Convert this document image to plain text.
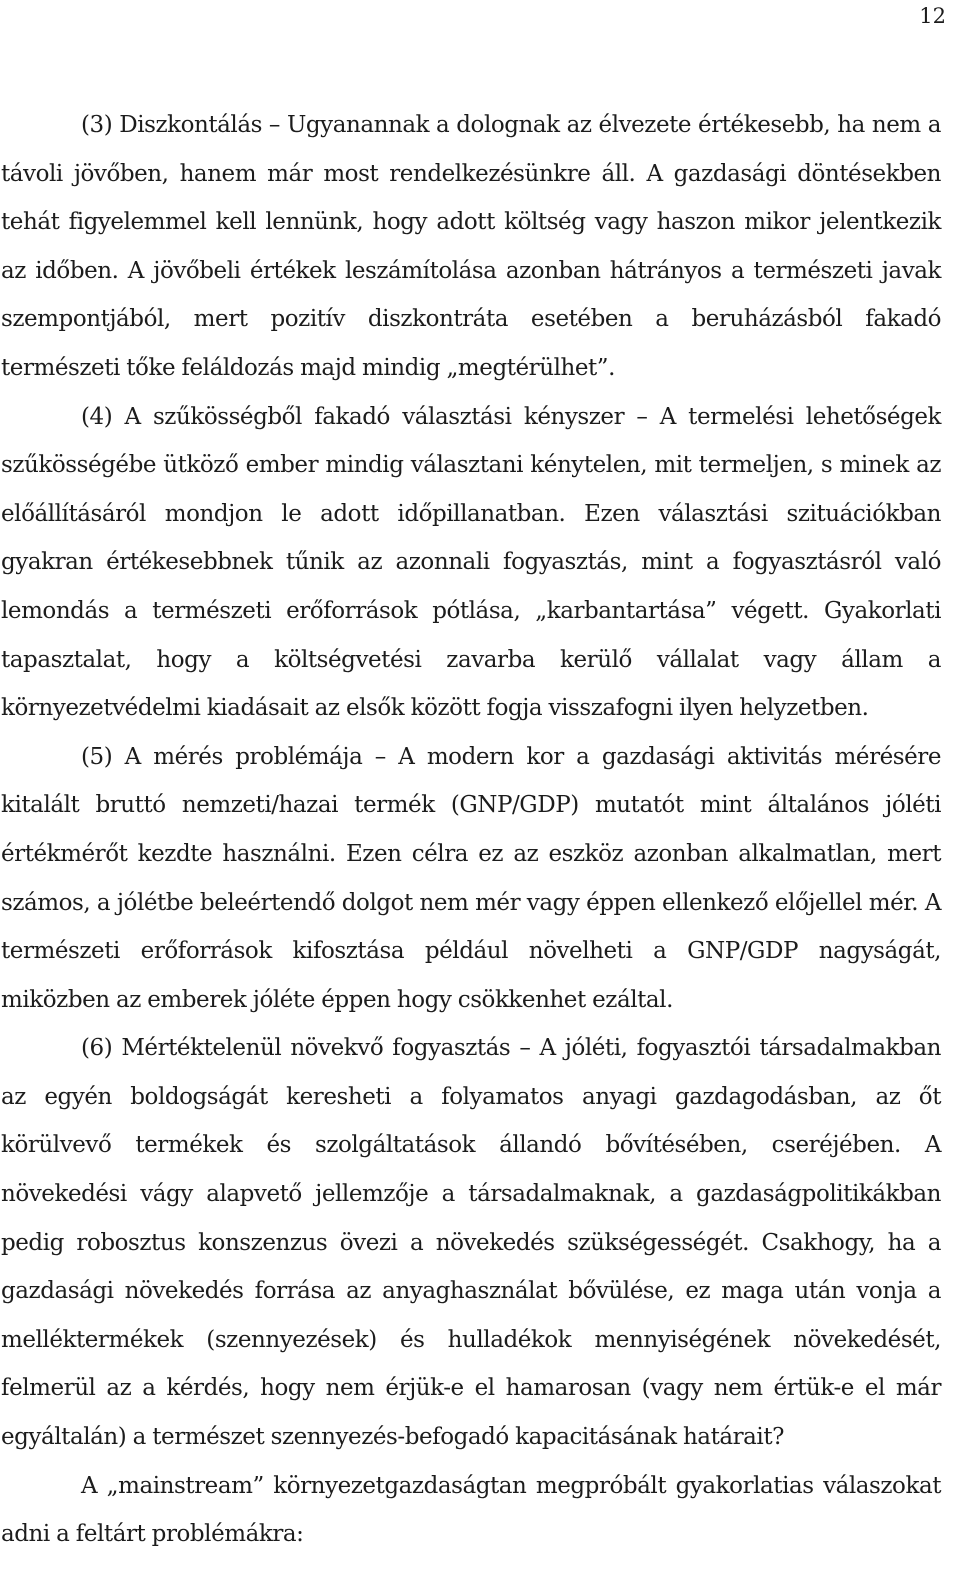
12

(3) Diszkontálás – Ugyanannak a dolognak az élvezete értékesebb, ha nem a távoli jövőben, hanem már most rendelkezésünkre áll. A gazdasági döntésekben tehát figyelemmel kell lennünk, hogy adott költség vagy haszon mikor jelentkezik az időben. A jövőbeli értékek leszámítolása azonban hátrányos a természeti javak szempontjából, mert pozitív diszkontráta esetében a beruházásból fakadó természeti tőke feláldozás majd mindig „megtérülhet”.

(4) A szűkösségből fakadó választási kényszer – A termelési lehetőségek szűkösségébe ütköző ember mindig választani kénytelen, mit termeljen, s minek az előállításáról mondjon le adott időpillanatban. Ezen választási szituációkban gyakran értékesebbnek tűnik az azonnali fogyasztás, mint a fogyasztásról való lemondás a természeti erőforrások pótlása, „karbantartása” végett. Gyakorlati tapasztalat, hogy a költségvetési zavarba kerülő vállalat vagy állam a környezetvédelmi kiadásait az elsők között fogja visszafogni ilyen helyzetben.

(5) A mérés problémája – A modern kor a gazdasági aktivitás mérésére kitalált bruttó nemzeti/hazai termék (GNP/GDP) mutatót mint általános jóléti értékmérőt kezdte használni. Ezen célra ez az eszköz azonban alkalmatlan, mert számos, a jólétbe beleértendő dolgot nem mér vagy éppen ellenkező előjellel mér. A természeti erőforrások kifosztása például növelheti a GNP/GDP nagyságát, miközben az emberek jóléte éppen hogy csökkenhet ezáltal.

(6) Mértéktelenül növekvő fogyasztás – A jóléti, fogyasztói társadalmakban az egyén boldogságát keresheti a folyamatos anyagi gazdagodásban, az őt körülvevő termékek és szolgáltatások állandó bővítésében, cseréjében. A növekedési vágy alapvető jellemzője a társadalmaknak, a gazdaságpolitikákban pedig robosztus konszenzus övezi a növekedés szükségességét. Csakhogy, ha a gazdasági növekedés forrása az anyaghasználat bővülése, ez maga után vonja a melléktermékek (szennyezések) és hulladékok mennyiségének növekedését, felmerül az a kérdés, hogy nem érjük-e el hamarosan (vagy nem értük-e el már egyáltalán) a természet szennyezés-befogadó kapacitásának határait?

A „mainstream” környezetgazdaságtan megpróbált gyakorlatias válaszokat adni a feltárt problémákra:
